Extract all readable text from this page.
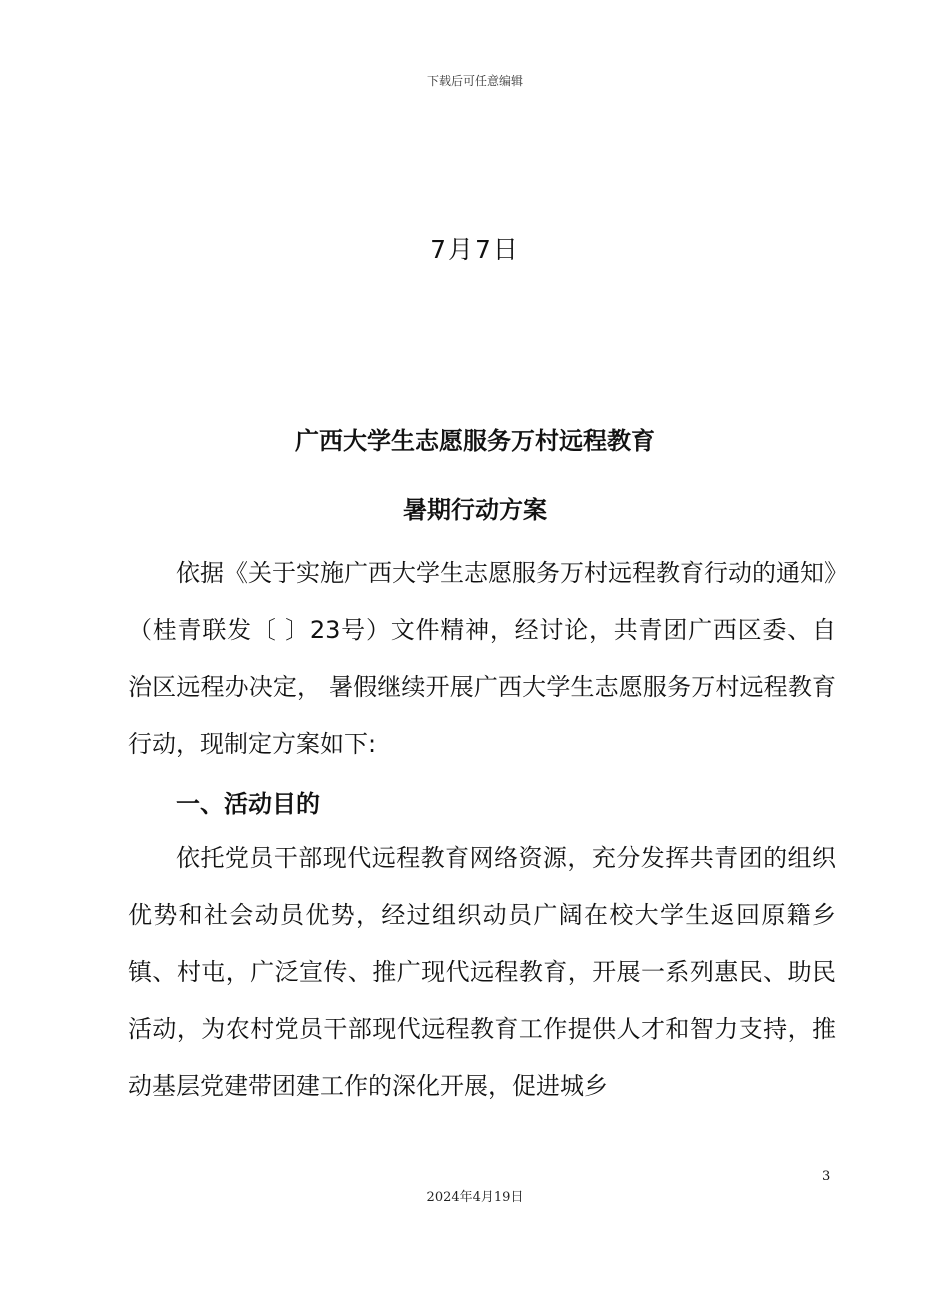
下载后可任意编辑
7月7日
广西大学生志愿服务万村远程教育
暑期行动方案
依据《关于实施广西大学生志愿服务万村远程教育行动的通知》（桂青联发〔 〕23号）文件精神，经讨论，共青团广西区委、自治区远程办决定， 暑假继续开展广西大学生志愿服务万村远程教育行动，现制定方案如下:
一、活动目的
依托党员干部现代远程教育网络资源，充分发挥共青团的组织优势和社会动员优势，经过组织动员广阔在校大学生返回原籍乡镇、村屯，广泛宣传、推广现代远程教育，开展一系列惠民、助民活动，为农村党员干部现代远程教育工作提供人才和智力支持，推动基层党建带团建工作的深化开展，促进城乡
3
2024年4月19日
